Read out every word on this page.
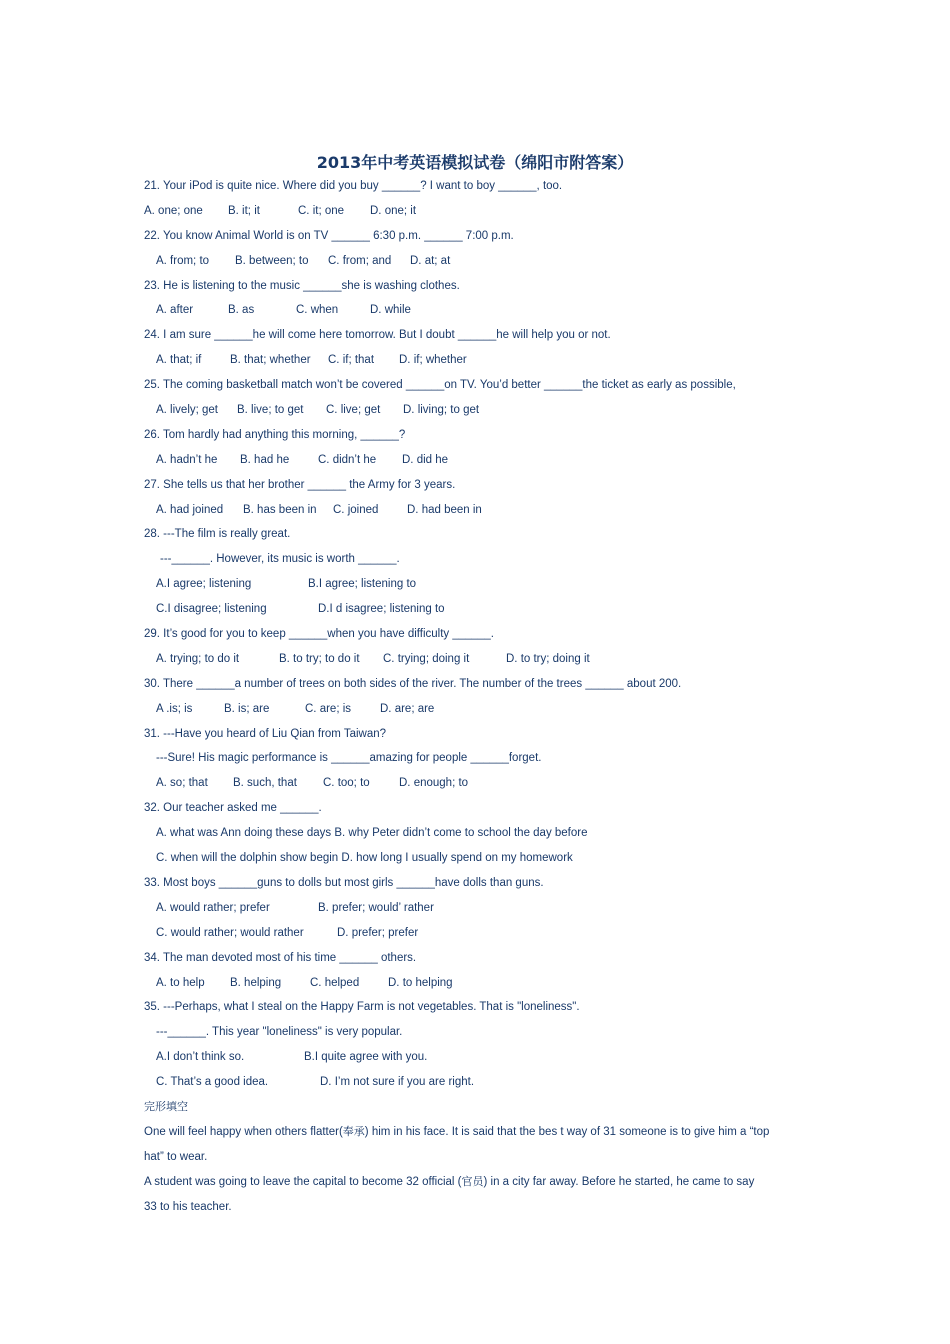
2013年中考英语模拟试卷（绵阳市附答案）
21. Your iPod is quite nice. Where did you buy ______? I want to boy ______, too.
A. one; one	B. it; it	C. it; one	D. one; it
22. You know Animal World is on TV ______ 6:30 p.m. ______ 7:00 p.m.
A. from; to	B. between; to	C. from; and	D. at; at
23. He is listening to the music ______she is washing clothes.
A. after	B. as	C. when	D. while
24. I am sure ______he will come here tomorrow. But I doubt ______he will help you or not.
A. that; if	B. that; whether	C. if; that	D. if; whether
25. The coming basketball match won’t be covered ______on TV. You’d better ______the ticket as early as possible,
A. lively; get	B. live; to get	C. live; get	D. living; to get
26. Tom hardly had anything this morning, ______?
A. hadn’t he	B. had he	C. didn’t he	D. did he
27. She tells us that her brother ______ the Army for 3 years.
A. had joined	B. has been in	C. joined	D. had been in
28. ---The film is really great.
---______. However, its music is worth ______.
A.I agree; listening	B.I agree; listening to
C.I disagree; listening	D.I d isagree; listening to
29. It’s good for you to keep ______when you have difficulty ______.
A. trying; to do it	B. to try; to do it	C. trying; doing it	D. to try; doing it
30. There ______a number of trees on both sides of the river. The number of the trees ______ about 200.
A .is; is	B. is; are	C. are; is	D. are; are
31. ---Have you heard of Liu Qian from Taiwan?
---Sure! His magic performance is ______amazing for people ______forget.
A. so; that	B. such, that	C. too; to	D. enough; to
32. Our teacher asked me ______.
A. what was Ann doing these days B. why Peter didn’t come to school the day before
C. when will the dolphin show begin D. how long I usually spend on my homework
33. Most boys ______guns to dolls but most girls ______have dolls than guns.
A. would rather; prefer	B. prefer; would’ rather
C. would rather; would rather	D. prefer; prefer
34. The man devoted most of his time ______ others.
A. to help	B. helping	C. helped	D. to helping
35. ---Perhaps, what I steal on the Happy Farm is not vegetables. That is "loneliness".
---______. This year "loneliness" is very popular.
A.I don’t think so.	B.I quite agree with you.
C. That’s a good idea.	D. I’m not sure if you are right.
完形填空
One will feel happy when others flatter(奉承) him in his face. It is said that the bes t way of 31 someone is to give him a “top
hat” to wear.
A student was going to leave the capital to become 32 official (官员) in a city far away. Before he started, he came to say
33 to his teacher.
